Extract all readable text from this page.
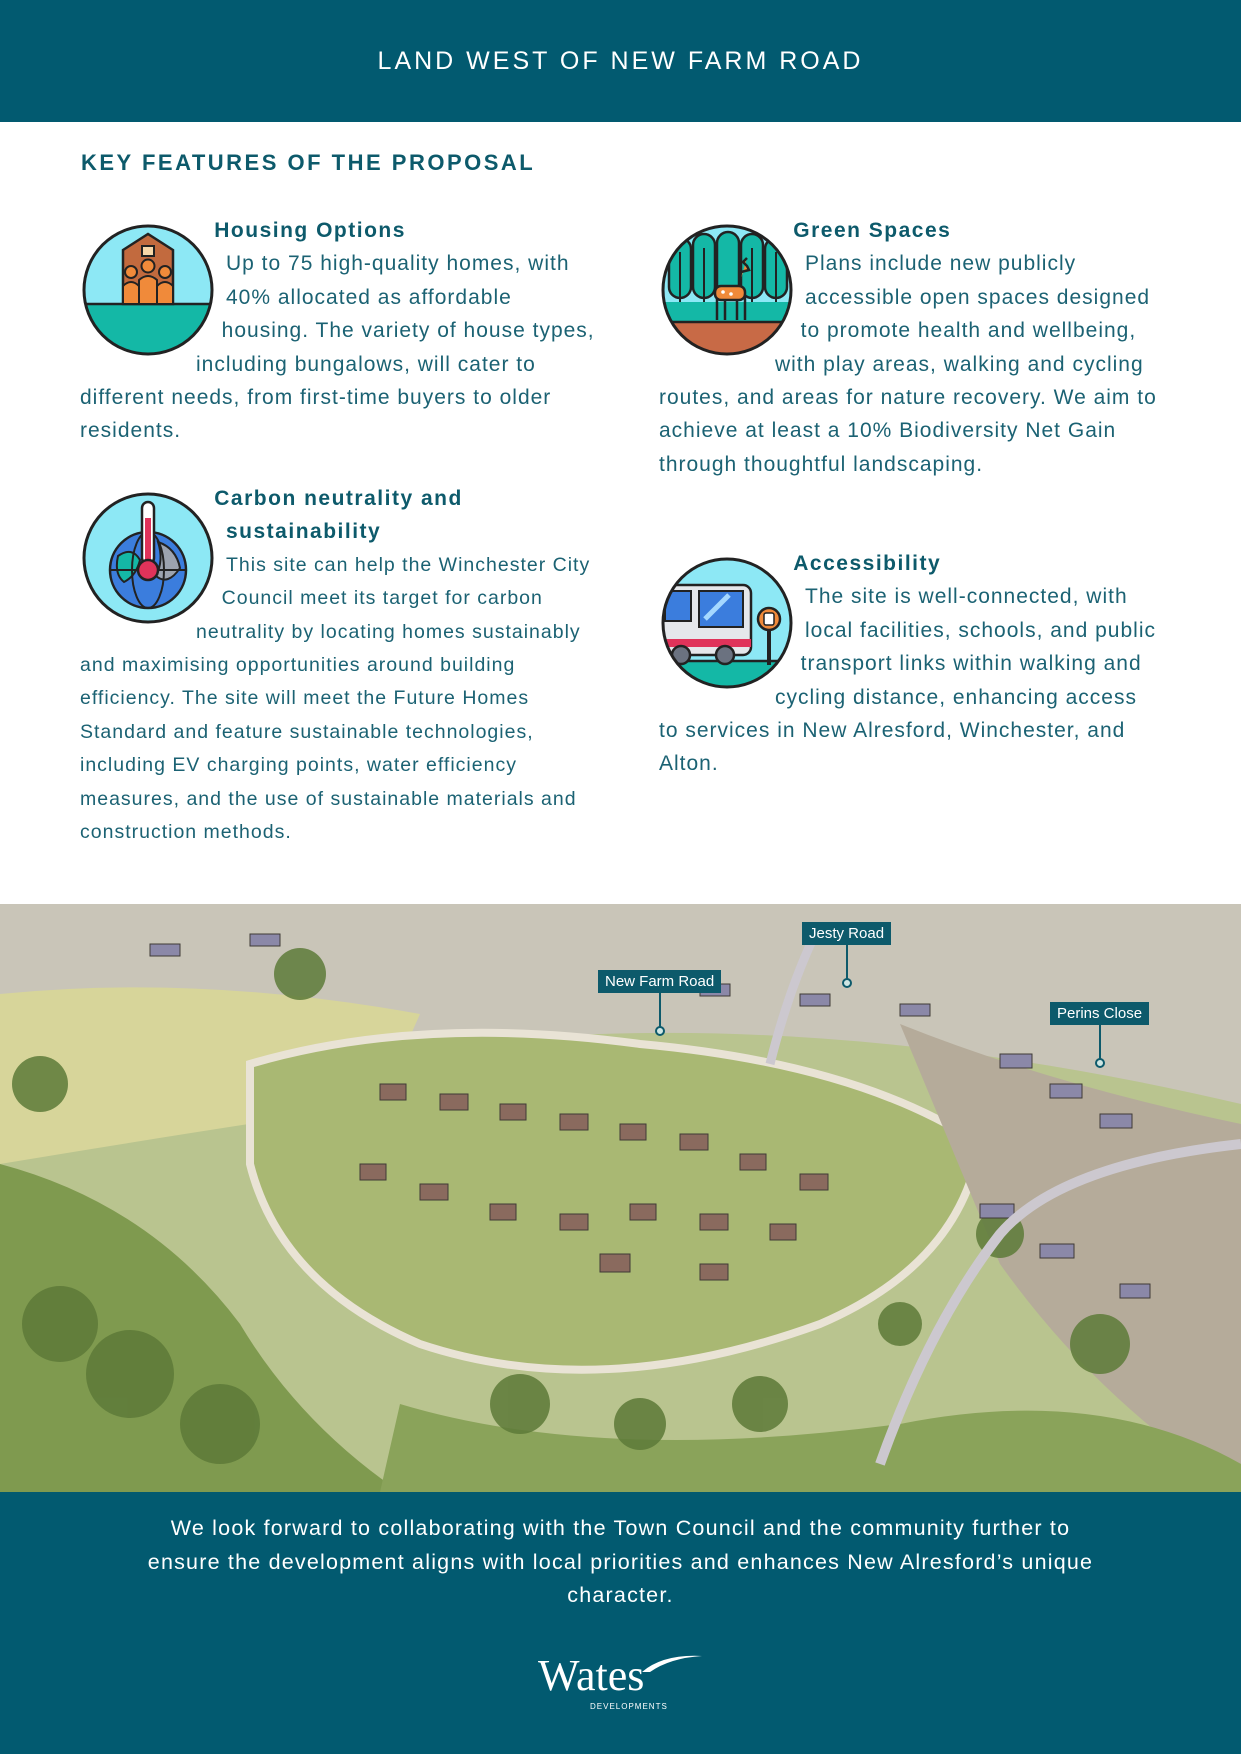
LAND WEST OF NEW FARM ROAD
KEY FEATURES OF THE PROPOSAL
Housing Options

Up to 75 high-quality homes, with 40% allocated as affordable housing. The variety of house types, including bungalows, will cater to different needs, from first-time buyers to older residents.

Green Spaces

Plans include new publicly accessible open spaces designed to promote health and wellbeing, with play areas, walking and cycling routes, and areas for nature recovery. We aim to achieve at least a 10% Biodiversity Net Gain through thoughtful landscaping.

Carbon neutrality and sustainability

This site can help the Winchester City Council meet its target for carbon neutrality by locating homes sustainably and maximising opportunities around building efficiency. The site will meet the Future Homes Standard and feature sustainable technologies, including EV charging points, water efficiency measures, and the use of sustainable materials and construction methods.

Accessibility

The site is well-connected, with local facilities, schools, and public transport links within walking and cycling distance, enhancing access to services in New Alresford, Winchester, and Alton.

New Farm Road
Jesty Road
Perins Close

We look forward to collaborating with the Town Council and the community further to ensure the development aligns with local priorities and enhances New Alresford’s unique character.

Wates
DEVELOPMENTS
